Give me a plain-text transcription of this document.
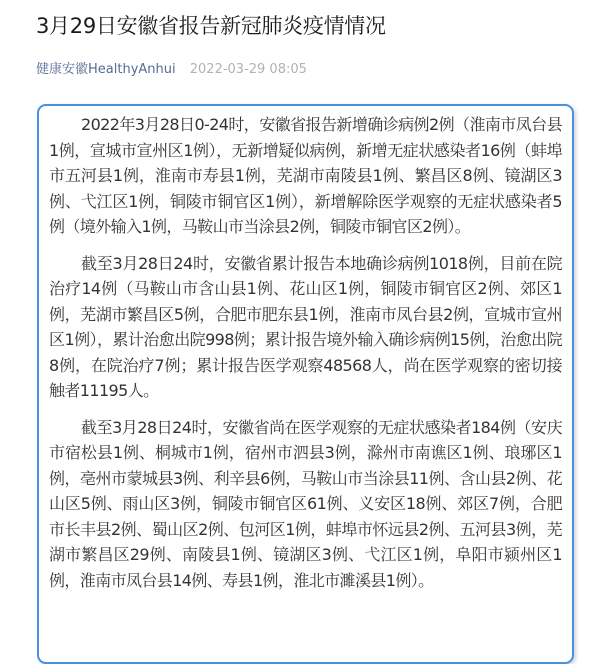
3月29日安徽省报告新冠肺炎疫情情况
健康安徽HealthyAnhui 2022-03-29 08:05

2022年3月28日0-24时，安徽省报告新增确诊病例2例（淮南市凤台县1例，宣城市宣州区1例），无新增疑似病例，新增无症状感染者16例（蚌埠市五河县1例，淮南市寿县1例，芜湖市南陵县1例、繁昌区8例、镜湖区3例、弋江区1例，铜陵市铜官区1例），新增解除医学观察的无症状感染者5例（境外输入1例，马鞍山市当涂县2例，铜陵市铜官区2例）。

截至3月28日24时，安徽省累计报告本地确诊病例1018例，目前在院治疗14例（马鞍山市含山县1例、花山区1例，铜陵市铜官区2例、郊区1例，芜湖市繁昌区5例，合肥市肥东县1例，淮南市凤台县2例，宣城市宣州区1例），累计治愈出院998例；累计报告境外输入确诊病例15例，治愈出院8例，在院治疗7例；累计报告医学观察48568人，尚在医学观察的密切接触者11195人。

截至3月28日24时，安徽省尚在医学观察的无症状感染者184例（安庆市宿松县1例、桐城市1例，宿州市泗县3例，滁州市南谯区1例、琅琊区1例，亳州市蒙城县3例、利辛县6例，马鞍山市当涂县11例、含山县2例、花山区5例、雨山区3例，铜陵市铜官区61例、义安区18例、郊区7例，合肥市长丰县2例、蜀山区2例、包河区1例，蚌埠市怀远县2例、五河县3例，芜湖市繁昌区29例、南陵县1例、镜湖区3例、弋江区1例，阜阳市颍州区1例，淮南市凤台县14例、寿县1例，淮北市濉溪县1例）。
